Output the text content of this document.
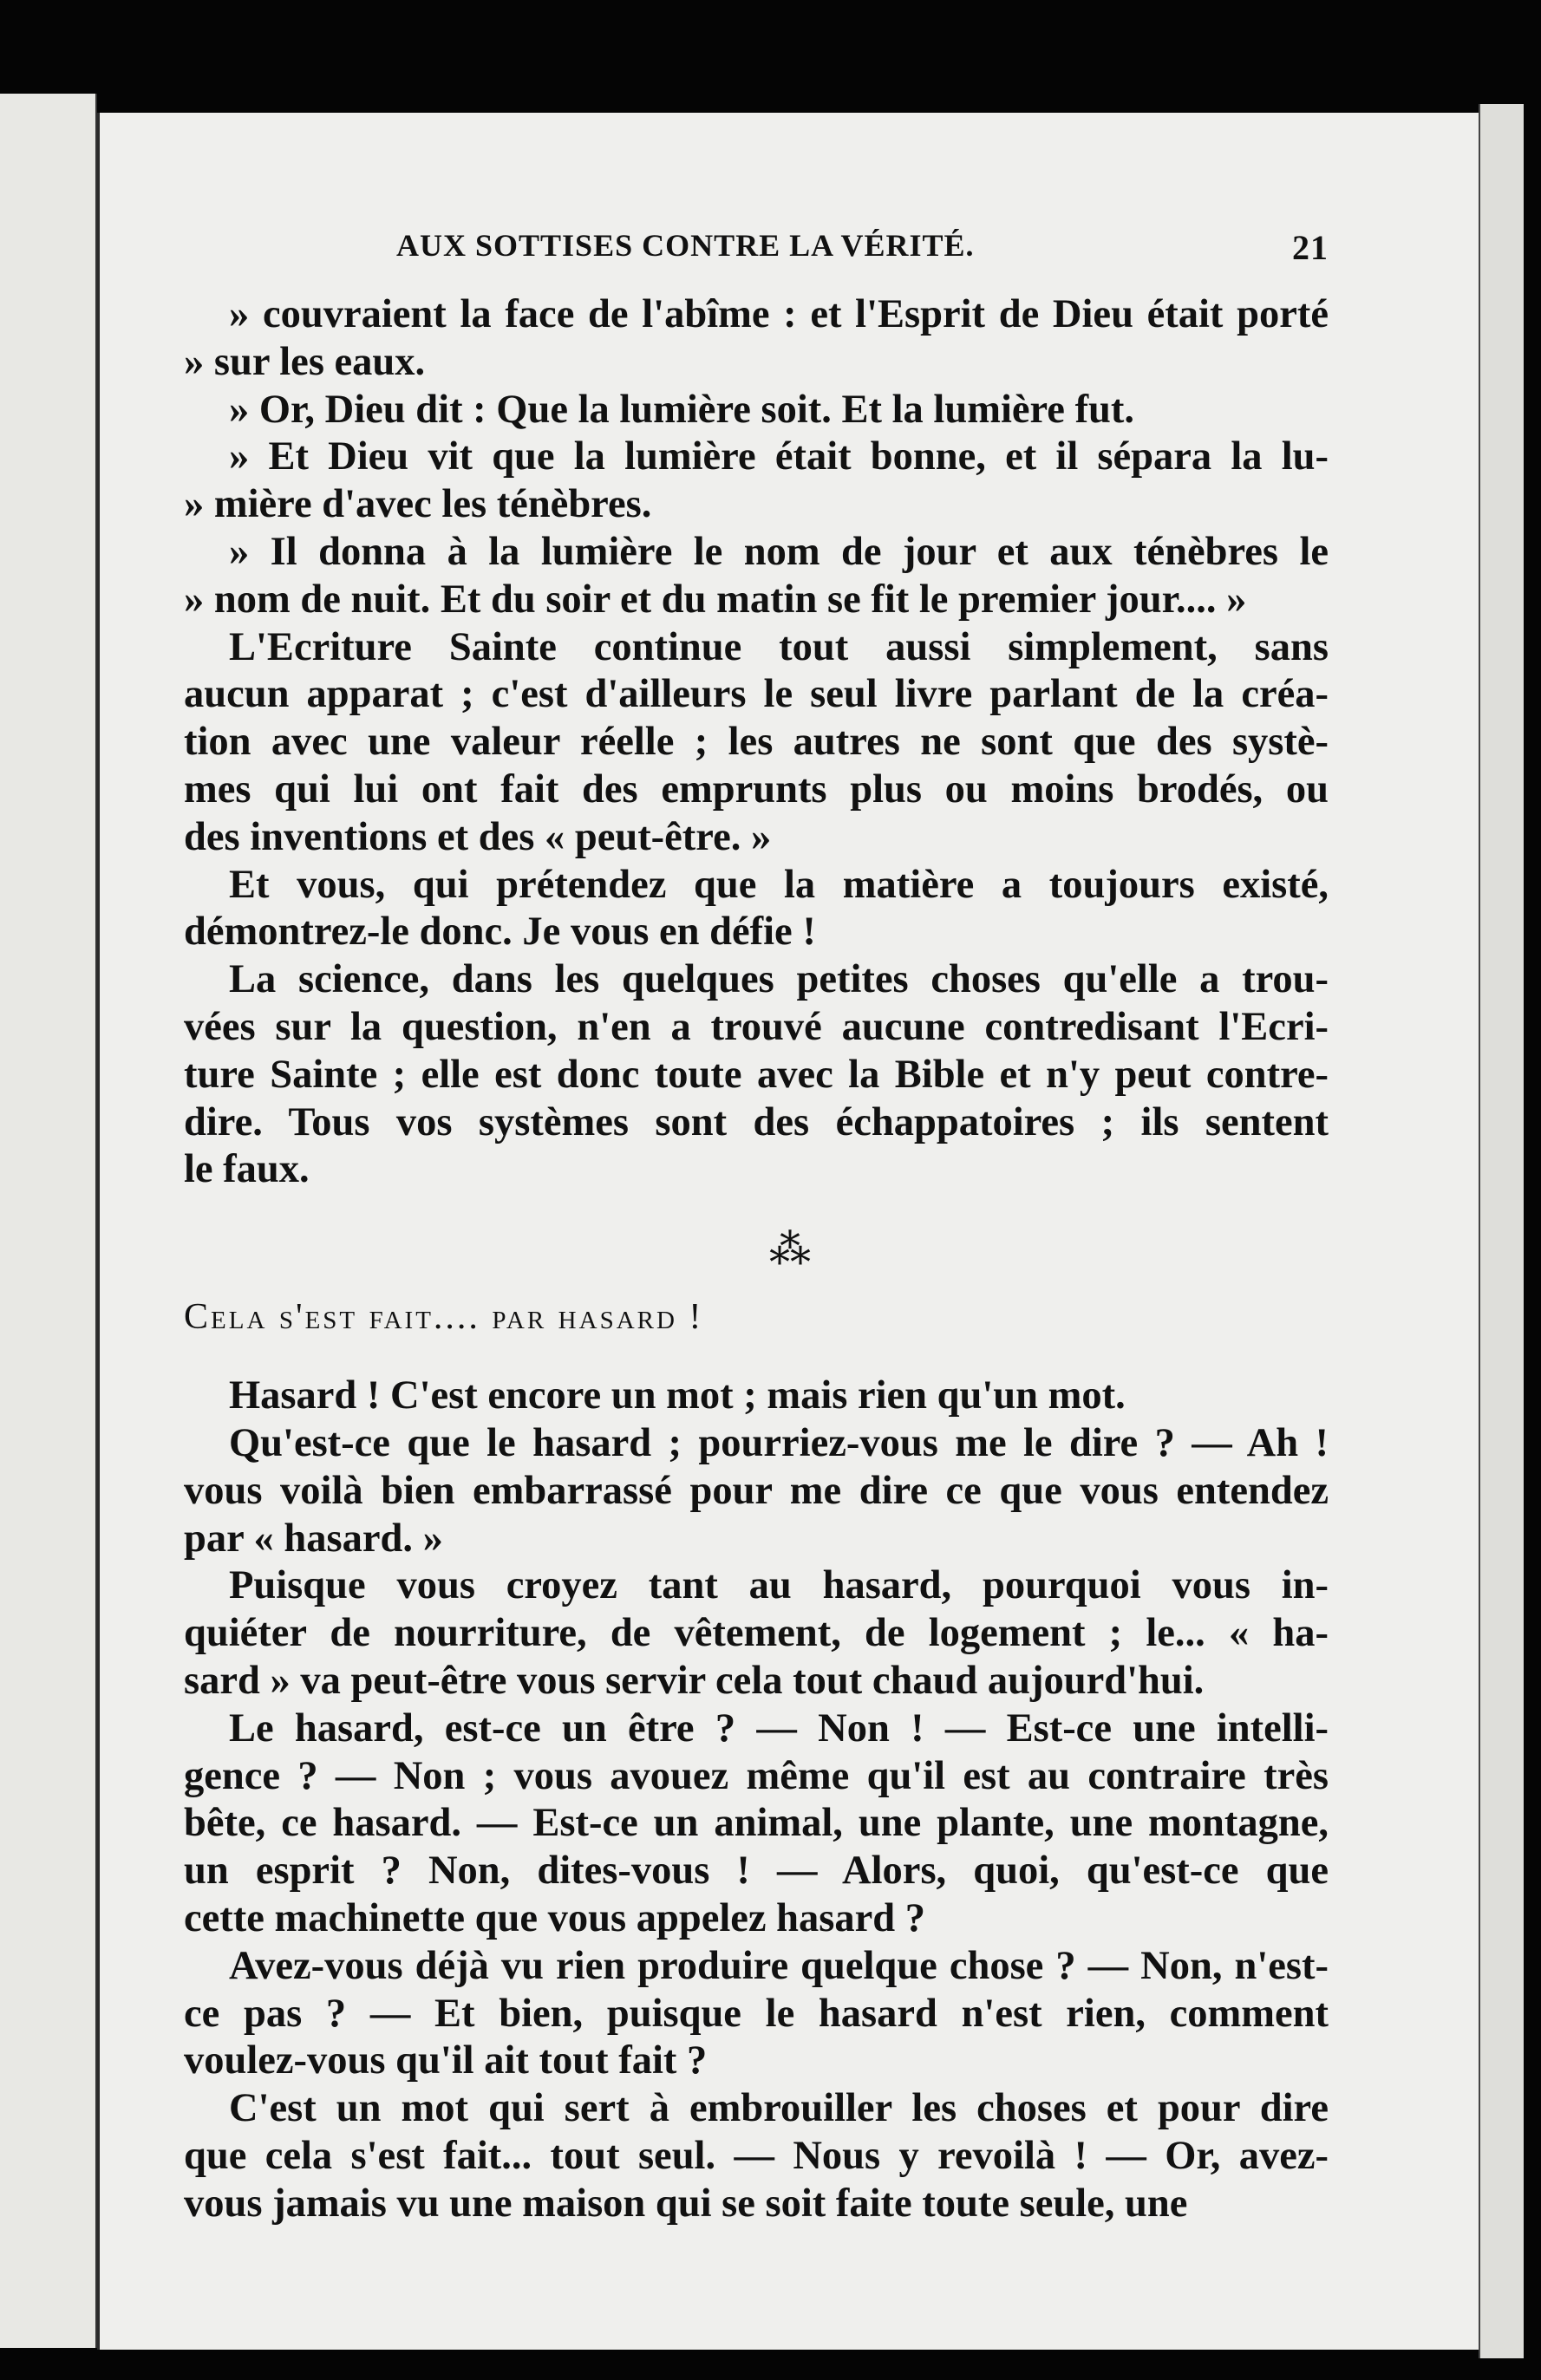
AUX SOTTISES CONTRE LA VÉRITÉ.	21
» couvraient la face de l'abîme : et l'Esprit de Dieu était porté
» sur les eaux.
» Or, Dieu dit : Que la lumière soit. Et la lumière fut.
» Et Dieu vit que la lumière était bonne, et il sépara la lu-
» mière d'avec les ténèbres.
» Il donna à la lumière le nom de jour et aux ténèbres le
» nom de nuit. Et du soir et du matin se fit le premier jour.... »
L'Ecriture Sainte continue tout aussi simplement, sans
aucun apparat ; c'est d'ailleurs le seul livre parlant de la créa-
tion avec une valeur réelle ; les autres ne sont que des systè-
mes qui lui ont fait des emprunts plus ou moins brodés, ou
des inventions et des « peut-être. »
Et vous, qui prétendez que la matière a toujours existé,
démontrez-le donc. Je vous en défie !
La science, dans les quelques petites choses qu'elle a trou-
vées sur la question, n'en a trouvé aucune contredisant l'Ecri-
ture Sainte ; elle est donc toute avec la Bible et n'y peut contre-
dire. Tous vos systèmes sont des échappatoires ; ils sentent
le faux.
⁂
Cela s'est fait.... par hasard !
Hasard ! C'est encore un mot ; mais rien qu'un mot.
Qu'est-ce que le hasard ; pourriez-vous me le dire ? — Ah !
vous voilà bien embarrassé pour me dire ce que vous entendez
par « hasard. »
Puisque vous croyez tant au hasard, pourquoi vous in-
quiéter de nourriture, de vêtement, de logement ; le... « ha-
sard » va peut-être vous servir cela tout chaud aujourd'hui.
Le hasard, est-ce un être ? — Non ! — Est-ce une intelli-
gence ? — Non ; vous avouez même qu'il est au contraire très
bête, ce hasard. — Est-ce un animal, une plante, une montagne,
un esprit ? Non, dites-vous ! — Alors, quoi, qu'est-ce que
cette machinette que vous appelez hasard ?
Avez-vous déjà vu rien produire quelque chose ? — Non, n'est-
ce pas ? — Et bien, puisque le hasard n'est rien, comment
voulez-vous qu'il ait tout fait ?
C'est un mot qui sert à embrouiller les choses et pour dire
que cela s'est fait... tout seul. — Nous y revoilà ! — Or, avez-
vous jamais vu une maison qui se soit faite toute seule, une
